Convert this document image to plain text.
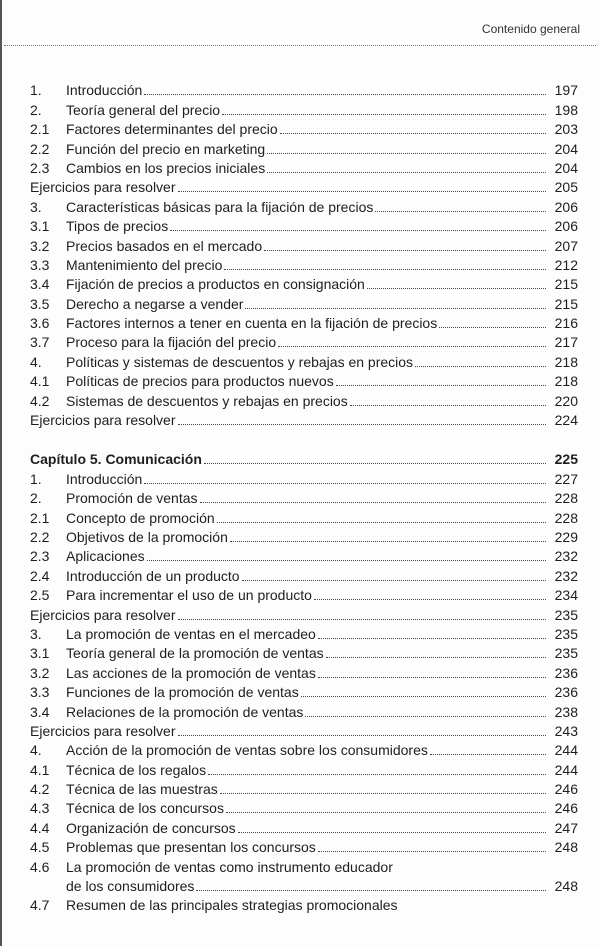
Contenido general
1.	Introducción	197
2.	Teoría general del precio	198
2.1	Factores determinantes del precio	203
2.2	Función del precio en marketing	204
2.3	Cambios en los precios iniciales	204
Ejercicios para resolver	205
3.	Características básicas para la fijación de precios	206
3.1	Tipos de precios	206
3.2	Precios basados en el mercado	207
3.3	Mantenimiento del precio	212
3.4	Fijación de precios a productos en consignación	215
3.5	Derecho a negarse a vender	215
3.6	Factores internos a tener en cuenta en la fijación de precios	216
3.7	Proceso para la fijación del precio	217
4.	Políticas y sistemas de descuentos y rebajas en precios	218
4.1	Políticas de precios para productos nuevos	218
4.2	Sistemas de descuentos y rebajas en precios	220
Ejercicios para resolver	224
Capítulo 5. Comunicación	225
1.	Introducción	227
2.	Promoción de ventas	228
2.1	Concepto de promoción	228
2.2	Objetivos de la promoción	229
2.3	Aplicaciones	232
2.4	Introducción de un producto	232
2.5	Para incrementar el uso de un producto	234
Ejercicios para resolver	235
3.	La promoción de ventas en el mercadeo	235
3.1	Teoría general de la promoción de ventas	235
3.2	Las acciones de la promoción de ventas	236
3.3	Funciones de la promoción de ventas	236
3.4	Relaciones de la promoción de ventas	238
Ejercicios para resolver	243
4.	Acción de la promoción de ventas sobre los consumidores	244
4.1	Técnica de los regalos	244
4.2	Técnica de las muestras	246
4.3	Técnica de los concursos	246
4.4	Organización de concursos	247
4.5	Problemas que presentan los concursos	248
4.6	La promoción de ventas como instrumento educador
de los consumidores	248
4.7	Resumen de las principales strategias promocionales
